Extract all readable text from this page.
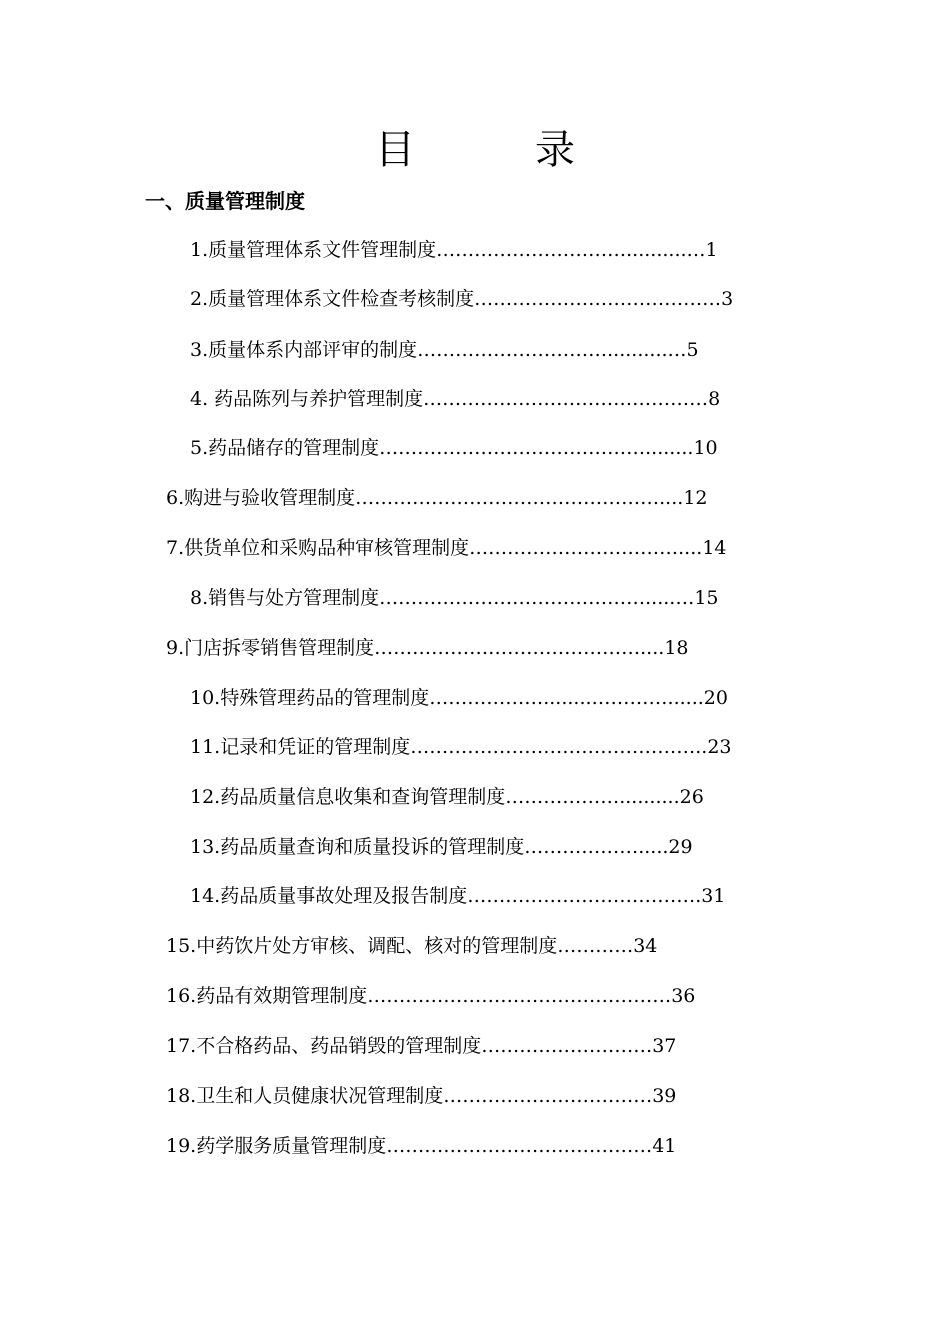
目	录
一、质量管理制度
1.质量管理体系文件管理制度…………………………..........…1
2.质量管理体系文件检查考核制度…………………………………3
3.质量体系内部评审的制度…………………………..........…5
4. 药品陈列与养护管理制度………………………………………8
5.药品储存的管理制度……………………………………........10
6.购进与验收管理制度…………………………………………....12
7.供货单位和采购品种审核管理制度……………………………....14
8.销售与处方管理制度…………………………………….....…15
9.门店拆零销售管理制度……………………………………....18
10.特殊管理药品的管理制度………………........…………......20
11.记录和凭证的管理制度………………………………………..23
12.药品质量信息收集和查询管理制度………………..........26
13.药品质量查询和质量投诉的管理制度……………….....29
14.药品质量事故处理及报告制度……………………………….31
15.中药饮片处方审核、调配、核对的管理制度…………34
16.药品有效期管理制度…………………………………………36
17.不合格药品、药品销毁的管理制度………………………37
18.卫生和人员健康状况管理制度……………………………39
19.药学服务质量管理制度……………………………………41
